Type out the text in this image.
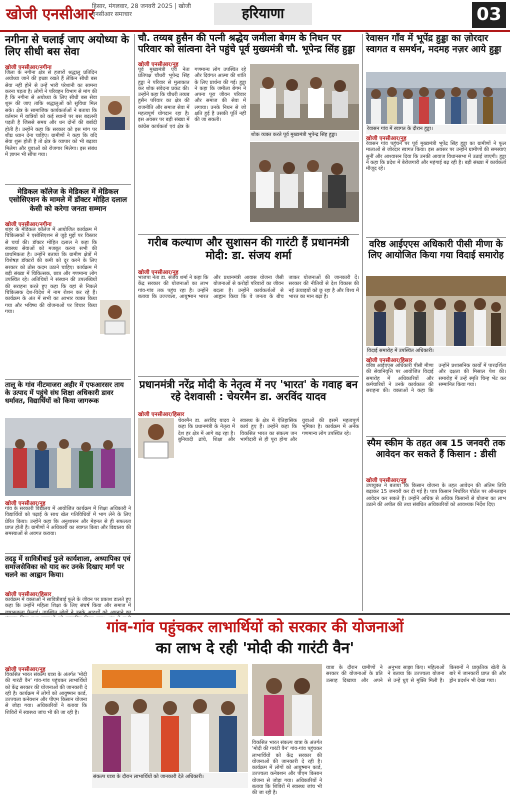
खोजी एनसीआर
हिसार, मंगलवार, 28 जनवरी 2025 | खोजी एनसीआर समाचार	हरियाणा	03
नगीना से चलाई जाए अयोध्या के लिए सीधी बस सेवा
खोजी एनसीआर/नगीना
जिला के नगीना क्षेत्र से हजारों श्रद्धालु प्रतिदिन अयोध्या जाने की इच्छा रखते हैं लेकिन सीधी बस सेवा नहीं होने से उन्हें भारी परेशानी का सामना करना पड़ता है। लोगों ने परिवहन विभाग से मांग की है कि नगीना से अयोध्या के लिए सीधी बस सेवा शुरू की जाए ताकि श्रद्धालुओं को सुविधा मिल सके। क्षेत्र के सामाजिक कार्यकर्ताओं ने बताया कि वर्तमान में यात्रियों को कई स्थानों पर बस बदलनी पड़ती है जिससे समय और धन दोनों की बर्बादी होती है। उन्होंने कहा कि सरकार को इस मांग पर शीघ्र ध्यान देना चाहिए। ग्रामीणों ने कहा कि यदि सेवा शुरू होती है तो क्षेत्र के व्यापार को भी बढ़ावा मिलेगा और युवाओं को रोजगार मिलेगा। इस संबंध में ज्ञापन भी सौंपा गया।
मेडिकल कॉलेज के मेडिकल में मेडिकल एसोसिएशन के मामले में डॉक्टर मोहित दलाल केसी को करेगा जनता सम्मान
खोजी एनसीआर/नगीना
शहर के मेडिकल कॉलेज में आयोजित कार्यक्रम में चिकित्सकों ने एसोसिएशन से जुड़े मुद्दों पर विस्तार से चर्चा की। डॉक्टर मोहित दलाल ने कहा कि स्वास्थ्य सेवाओं को मजबूत करना सभी की प्राथमिकता है। उन्होंने बताया कि ग्रामीण क्षेत्रों में विशेषज्ञ डॉक्टरों की कमी को दूर करने के लिए सरकार को ठोस कदम उठाने चाहिए। कार्यक्रम में बड़ी संख्या में चिकित्सक, छात्र और गणमान्य लोग उपस्थित रहे। अतिथियों ने संस्थान की उपलब्धियों की सराहना करते हुए कहा कि यहां से निकले चिकित्सक देश-विदेश में नाम रोशन कर रहे हैं। कार्यक्रम के अंत में सभी का आभार व्यक्त किया गया और भविष्य की योजनाओं पर विचार किया गया।
तालू के गांव नीटमाजरा अहीर में एफआरसर ताय के उत्पाद में पहुंचे संघ शिक्षा अधिकारी डावर धर्मावत, विद्यार्थियों को किया जागरूक
खोजी एनसीआर/नूह
गांव के सरकारी विद्यालय में आयोजित कार्यक्रम में शिक्षा अधिकारी ने विद्यार्थियों को पढ़ाई के साथ खेल गतिविधियों में भाग लेने के लिए प्रेरित किया। उन्होंने कहा कि अनुशासन और मेहनत से ही सफलता प्राप्त होती है। ग्रामीणों ने अधिकारी का स्वागत किया और विद्यालय की समस्याओं से अवगत कराया।
तदड़ू में सावित्रीबाई फुले कार्यशाला, अध्यापिका एवं समाजसेविका को याद कर उनके दिखाए मार्ग पर चलने का आह्वान किया।
खोजी एनसीआर/हिसार
कार्यक्रम में वक्ताओं ने सावित्रीबाई फुले के जीवन पर प्रकाश डालते हुए कहा कि उन्होंने महिला शिक्षा के लिए संघर्ष किया और समाज में
चौ. तय्यब हुसैन की पत्नी श्रद्धेय जमीला बेगम के निधन पर परिवार को सांत्वना देने पहुंचे पूर्व मुख्यमंत्री चौ. भूपेन्द्र सिंह हुड्डा
खोजी एनसीआर/नूह
पूर्व मुख्यमंत्री एवं नेता प्रतिपक्ष चौधरी भूपेन्द्र सिंह हुड्डा ने परिवार से मुलाकात कर शोक संवेदना प्रकट की। उन्होंने कहा कि चौधरी तय्यब हुसैन परिवार का क्षेत्र की राजनीति और समाज सेवा में महत्वपूर्ण योगदान रहा है। इस अवसर पर बड़ी संख्या में कांग्रेस कार्यकर्ता एवं क्षेत्र के गणमान्य लोग उपस्थित रहे और दिवंगत आत्मा की शांति के लिए प्रार्थना की गई। हुड्डा ने कहा कि जमीला बेगम ने अपना पूरा जीवन परिवार और समाज की सेवा में लगाया। उनके निधन से जो क्षति हुई है उसकी पूर्ति नहीं की जा सकती।
शोक व्यक्त करते पूर्व मुख्यमंत्री भूपेन्द्र सिंह हुड्डा।
गरीब कल्याण और सुशासन की गारंटी हैं प्रधानमंत्री मोदी: डा. संजय शर्मा
खोजी एनसीआर/नूह
भाजपा नेता डा. संजय शर्मा ने कहा कि केंद्र सरकार की योजनाओं का लाभ गांव-गांव तक पहुंच रहा है। उन्होंने बताया कि उज्ज्वला, आयुष्मान भारत और प्रधानमंत्री आवास योजना जैसी योजनाओं से करोड़ों परिवारों का जीवन बदला है। उन्होंने कार्यकर्ताओं से आह्वान किया कि वे जनता के बीच जाकर योजनाओं की जानकारी दें। सरकार की नीतियों से देश विकास की नई ऊंचाइयों को छू रहा है और विश्व में भारत का मान बढ़ा है।
प्रधानमंत्री नरेंद्र मोदी के नेतृत्व में नए 'भारत' के गवाह बन रहे देशवासी : चेयरमैन डा. अरविंद यादव
खोजी एनसीआर/हिसार
चेयरमैन डा. अरविंद यादव ने कहा कि प्रधानमंत्री के नेतृत्व में देश हर क्षेत्र में आगे बढ़ रहा है। बुनियादी ढांचे, शिक्षा और स्वास्थ्य के क्षेत्र में ऐतिहासिक कार्य हुए हैं। उन्होंने कहा कि विकसित भारत का संकल्प जन भागीदारी से ही पूरा होगा और युवाओं की इसमें महत्वपूर्ण भूमिका है। कार्यक्रम में अनेक गणमान्य लोग उपस्थित रहे।
रेवासन गाँव में भूपेंद्र हुड्डा का ज़ोरदार स्वागत व समर्थन, मदमह नज़र आये हुड्डा
रेवासन गांव में स्वागत के दौरान हुड्डा।
खोजी एनसीआर/नूह
रेवासन गांव पहुंचने पर पूर्व मुख्यमंत्री भूपेंद्र सिंह हुड्डा का ग्रामीणों ने फूल मालाओं से जोरदार स्वागत किया। इस अवसर पर उन्होंने ग्रामीणों की समस्याएं सुनीं और आश्वासन दिया कि उनकी आवाज विधानसभा में उठाई जाएगी। हुड्डा ने कहा कि प्रदेश में बेरोजगारी और महंगाई बढ़ रही है। बड़ी संख्या में कार्यकर्ता मौजूद रहे।
वरिष्ठ आईएएस अधिकारी पीसी मीणा के लिए आयोजित किया गया विदाई समारोह
विदाई समारोह में उपस्थित अधिकारी।
खोजी एनसीआर/हिसार
वरिष्ठ आईएएस अधिकारी पीसी मीणा की सेवानिवृत्ति पर आयोजित विदाई समारोह में अधिकारियों और कर्मचारियों ने उनके कार्यकाल की सराहना की। वक्ताओं ने कहा कि उन्होंने प्रशासनिक कार्यों में पारदर्शिता और दक्षता की मिसाल पेश की। समारोह में उन्हें स्मृति चिन्ह भेंट कर सम्मानित किया गया।
स्पैम स्कीम के तहत अब 15 जनवरी तक आवेदन कर सकते हैं किसान : डीसी
खोजी एनसीआर/नूह
उपायुक्त ने बताया कि किसान योजना के तहत आवेदन की अंतिम तिथि बढ़ाकर 15 जनवरी कर दी गई है। पात्र किसान निर्धारित पोर्टल पर ऑनलाइन आवेदन कर सकते हैं। उन्होंने अधिक से अधिक किसानों से योजना का लाभ उठाने की अपील की तथा संबंधित अधिकारियों को आवश्यक निर्देश दिए।
गांव-गांव पहुंचकर लाभार्थियों को सरकार की योजनाओं
का लाभ दे रही 'मोदी की गारंटी वैन'
खोजी एनसीआर/नूह
विकसित भारत संकल्प यात्रा के अंतर्गत 'मोदी की गारंटी वैन' गांव-गांव पहुंचकर लाभार्थियों को केंद्र सरकार की योजनाओं की जानकारी दे रही है। कार्यक्रम में लोगों को आयुष्मान कार्ड, उज्ज्वला कनेक्शन और पीएम किसान योजना से जोड़ा गया। अधिकारियों ने बताया कि शिविरों में स्वास्थ्य जांच भी की जा रही है।
संकल्प यात्रा के दौरान लाभार्थियों को जानकारी देते अधिकारी।
यात्रा के दौरान ग्रामीणों ने सरकार की योजनाओं के प्रति उत्साह दिखाया और अपने अनुभव साझा किए। महिलाओं ने बताया कि उज्ज्वला योजना से उन्हें धुएं से मुक्ति मिली है। किसानों ने प्राकृतिक खेती के बारे में जानकारी प्राप्त की और ड्रोन प्रदर्शन भी देखा गया।
विकसित भारत संकल्प यात्रा के अंतर्गत 'मोदी की गारंटी वैन' गांव-गांव पहुंचकर लाभार्थियों को केंद्र सरकार की योजनाओं की जानकारी दे रही है। कार्यक्रम में लोगों को आयुष्मान कार्ड, उज्ज्वला कनेक्शन और पीएम किसान योजना से जोड़ा गया। अधिकारियों ने बताया कि शिविरों में स्वास्थ्य जांच भी की जा रही है।
